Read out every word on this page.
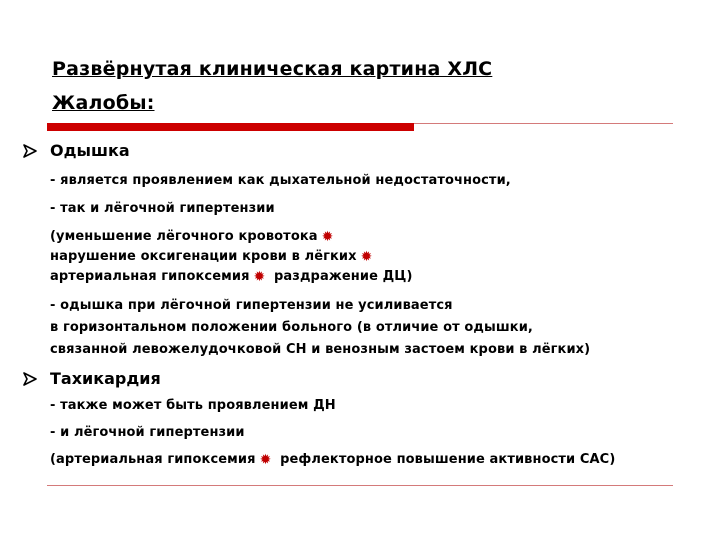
Развёрнутая клиническая картина ХЛС
Жалобы:
Одышка
- является проявлением как дыхательной недостаточности,
- так и лёгочной гипертензии
(уменьшение лёгочного кровотока ✹
нарушение оксигенации крови в лёгких ✹
артериальная гипоксемия ✹ раздражение ДЦ)
- одышка при лёгочной гипертензии не усиливается
в горизонтальном положении больного (в отличие от одышки,
связанной левожелудочковой СН и венозным застоем крови в лёгких)
Тахикардия
- также может быть проявлением ДН
- и лёгочной гипертензии
(артериальная гипоксемия ✹ рефлекторное повышение активности САС)
